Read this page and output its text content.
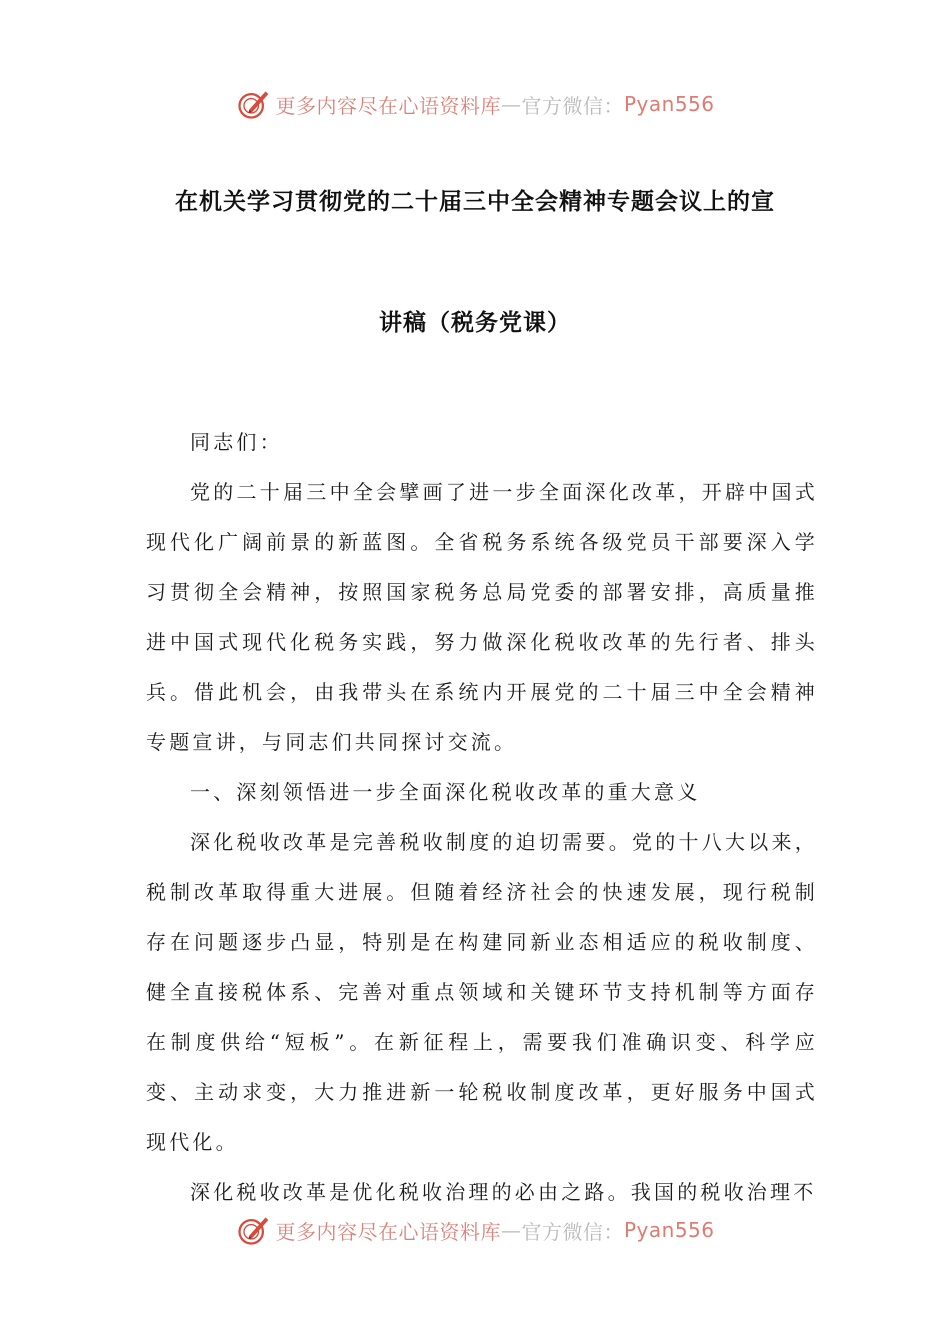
更多内容尽在心语资料库 — 官方微信： Pyan556
在机关学习贯彻党的二十届三中全会精神专题会议上的宣
讲稿（税务党课）

同志们：

党的二十届三中全会擘画了进一步全面深化改革，开辟中国式现代化广阔前景的新蓝图。全省税务系统各级党员干部要深入学习贯彻全会精神，按照国家税务总局党委的部署安排，高质量推进中国式现代化税务实践，努力做深化税收改革的先行者、排头兵。借此机会，由我带头在系统内开展党的二十届三中全会精神专题宣讲，与同志们共同探讨交流。

一、深刻领悟进一步全面深化税收改革的重大意义

深化税收改革是完善税收制度的迫切需要。党的十八大以来，税制改革取得重大进展。但随着经济社会的快速发展，现行税制存在问题逐步凸显，特别是在构建同新业态相适应的税收制度、健全直接税体系、完善对重点领域和关键环节支持机制等方面存在制度供给“短板”。在新征程上，需要我们准确识变、科学应变、主动求变，大力推进新一轮税收制度改革，更好服务中国式现代化。

深化税收改革是优化税收治理的必由之路。我国的税收治理不

更多内容尽在心语资料库 — 官方微信： Pyan556
